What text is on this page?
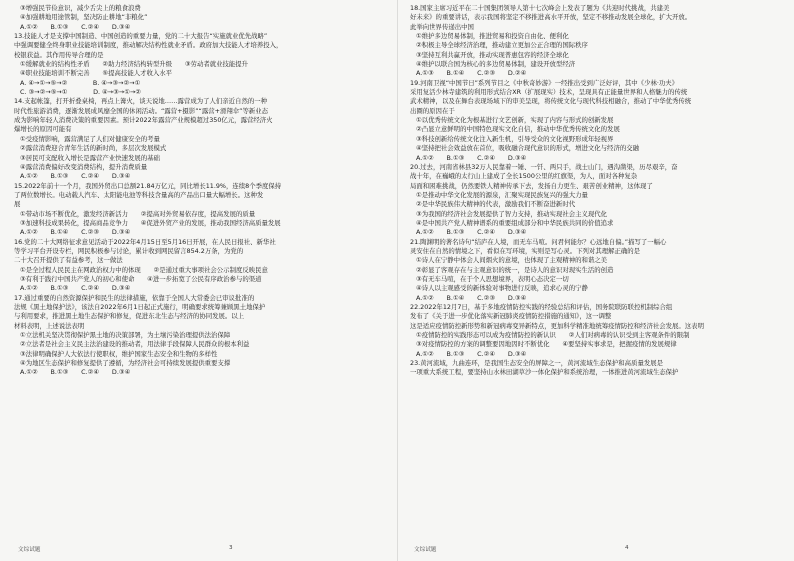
③增强民节俭意识，减少舌尖上的粮食浪费
④加强耕地用途管制，坚决防止耕地“非粮化”
A.①②　　B.①③　　C.②④　　D.③④
13.技能人才是支撑中国制造、中国创造的重要力量，党的二十大报告“实施就业优先战略”
中强调要健全终身职业技能培训制度，推动解决结构性就业矛盾。政府加大技能人才培养投入，
校银获益。其作用传导合理的是
①缓解就业的结构性矛盾　　②助力经济结构转型升级　　③劳动者就业技能提升
④职业技能培训不断完善　　⑤提高技能人才收入水平
A. ④→①→⑤→②　　　　B. ④→③→②→①
C. ③→②→⑤→①　　　　D. ④→③→①→②
14.支起帐篷，打开折叠桌椅，再点上篝火，谈天说地……露营成为了人们亲近自然的一种
时代性旅游消费，逐渐发展成风靡全国的休闲活动。“露营+摄影”“露营+滑翔伞”等新业态
成为影响年轻人消费决策的重要因素。预计2022年露营产业规模超过350亿元，露营经济火
爆增长的原因可能有
①受疫情影响，露营满足了人们对健康安全的考量
②露营消费迎合青年生活的新时尚，多层次发展模式
③居民可支配收入增长是露营产业快速发展的基础
④露营消费偏好改变消费结构，提升消费质量
A.①②　　B.①③　　C.②④　　D.③④
15.2022年前十一个月，我国外贸出口总额21.84万亿元，同比增长11.9%，连续8个季度保持
了两位数增长。电动载人汽车、太阳能电池等科技含量高的产品出口量大幅增长。这种发
展
①带动市场不断优化，激发经济新活力　　②提高对外贸易依存度，提高发展的质量
③加速科技成果转化，提高商品竞争力　　④促进外贸产业的发展，推动我国经济高质量发展
A.①②　　B.①④　　C.②③　　D.③④
16.党的二十大网络征求意见活动于2022年4月15日至5月16日开展，在人民日报社、新华社
等学习平台开设专栏，网民积极参与讨论，累计收到网民留言854.2万条，为党的
二十大召开提供了有益参考，这一做法
①是全过程人民民主在网政治权力中的体现　　②是通过重大事项社会公示制度反映民意
③有利于践行中国共产党人的初心和使命　　④进一步拓宽了公民有序政治参与的渠道
A.①②　　B.①③　　C.②④　　D.③④
17.通过重要的自然资源保护和民生的法律措施，依靠于全国人大常委会已审议批准的
法规《黑土地保护法》，该法自2022年6月1日起正式施行，明确要求统筹兼顾黑土地保护
与利用要求，推进黑土地生态保护和修复，促进东北生态与经济的协同发展。以上
材料表明，上述说法表明
①立法机关坚决贯彻保护黑土地的决策部署，为土壤污染治理提供法治保障
②立法者是社会主义民主法治建设的推动者，用法律手段保障人民群众的根本利益
③法律明确保护人大依法行使职权，维护国家生态安全和生物的多样性
④为地区生态保护和修复提供了遵循，为经济社会可持续发展提供重要支撑
A.①②　　B.①③　　C.②④　　D.③④
文综试题	3
18.国家主席习近平在二十国集团领导人第十七次峰会上发表了题为《共迎时代挑战，共建美
好未来》的重要讲话，表示我国将坚定不移推进高水平开放，坚定不移推动发展全球化，扩大开放。
此举向世界传递出中国
①维护多边贸易体制，推进贸易和投资自由化、便利化
②积极主导全球经济治理，推动建立更加公正合理的国际秩序
③坚持互利共赢开放，推动实现普惠包容的经济全球化
④维护以联合国为核心的多边贸易体制，建设开放型经济
A.①③　　B.①④　　C.②③　　D.②④
19.河南卫视“中国节日”系列节目之《中秋奇妙游》一经推出受到广泛好评，其中《少林·功夫》
采用复活少林寺建筑的利用形式结合XR（扩展现实）技术，呈现具有正能量世界和人格魅力的传统
武术精神，以及在舞台表现场域下的审美呈现，将传统文化与现代科技相融合，推动了中华优秀传统
出圈的原因在于
①以优秀传统文化为根基进行文艺创新，实现了内容与形式的创新发展
②凸显立意鲜明的中国特色现实文化自信，推动中华优秀传统文化的发展
③科技创新给传统文化注入新生机，引导受众的文化视野形成年轻视界
④坚持把社会效益放在首位，吸收融合现代意识的形式，增进文化与经济的交融
A.①②　　B.①③　　C.②④　　D.③④
20.过去，河南省林县32万人民靠着一锤、一钎、两只手，战士山门，遇沟凿渠，历尽艰辛，奋
战十年，在巍峨的太行山上建成了全长1500公里的红旗渠，为人，面对各种复杂
局面和困难挑战，仍然要铁人精神传承下去，发扬自力更生、艰苦创业精神，这体现了
①是推动中华文化发展的源泉，汇聚实现民族复兴的强大力量
②是中华民族伟大精神的代表，激励我们不断奋进新时代
③为我国的经济社会发展提供了智力支持，推动实现社会主义现代化
④是中国共产党人精神谱系的重要组成部分和中华民族共同的价值追求
A.①②　　B.①③　　C.②④　　D.③④
21.陶渊明的著名诗句“结庐在人境，而无车马喧。问君何能尔？心远地自偏。”描写了一幅心
灵安住在自然的情境之下，看似在写环境，实则是写心灵。下列对其理解正确的是
①诗人在宁静中体会人间烟火的意境，也体现了主观精神的和谐之美
②彰显了客观存在与主观意识的统一，是诗人的意识对现实生活的创造
③有无车马喧，在于个人思想境界，表明心态决定一切
④诗人以主观感受的新体验对事物进行反映，追求心灵的宁静
A.①②　　B.①④　　C.②③　　D.③④
22.2022年12月7日，基于多地疫情防控实践的经验总结和评估，国务院联防联控机制综合组
发布了《关于进一步优化落实新冠肺炎疫情防控措施的通知》，这一调整
这是适应疫情防控新形势和新冠病毒变异新特点，更加科学精准地统筹疫情防控和经济社会发展。这表明
①疫情防控的实践形态可以成为疫情防控的新认识　　②人们对病毒的认识受到主客观条件的限制
③对疫情防控的方案的调整要因地因时不断优化　　④要坚持实事求是，把握疫情的发展规律
A.①②　　B.①③　　C.②④　　D.③④
23.黄河流域，九曲连环，是我国生态安全的屏障之一，黄河流域生态保护和高质量发展是
一项重大系统工程，要坚持山水林田湖草沙一体化保护和系统治理，一体推进黄河流域生态保护
文综试题	4
